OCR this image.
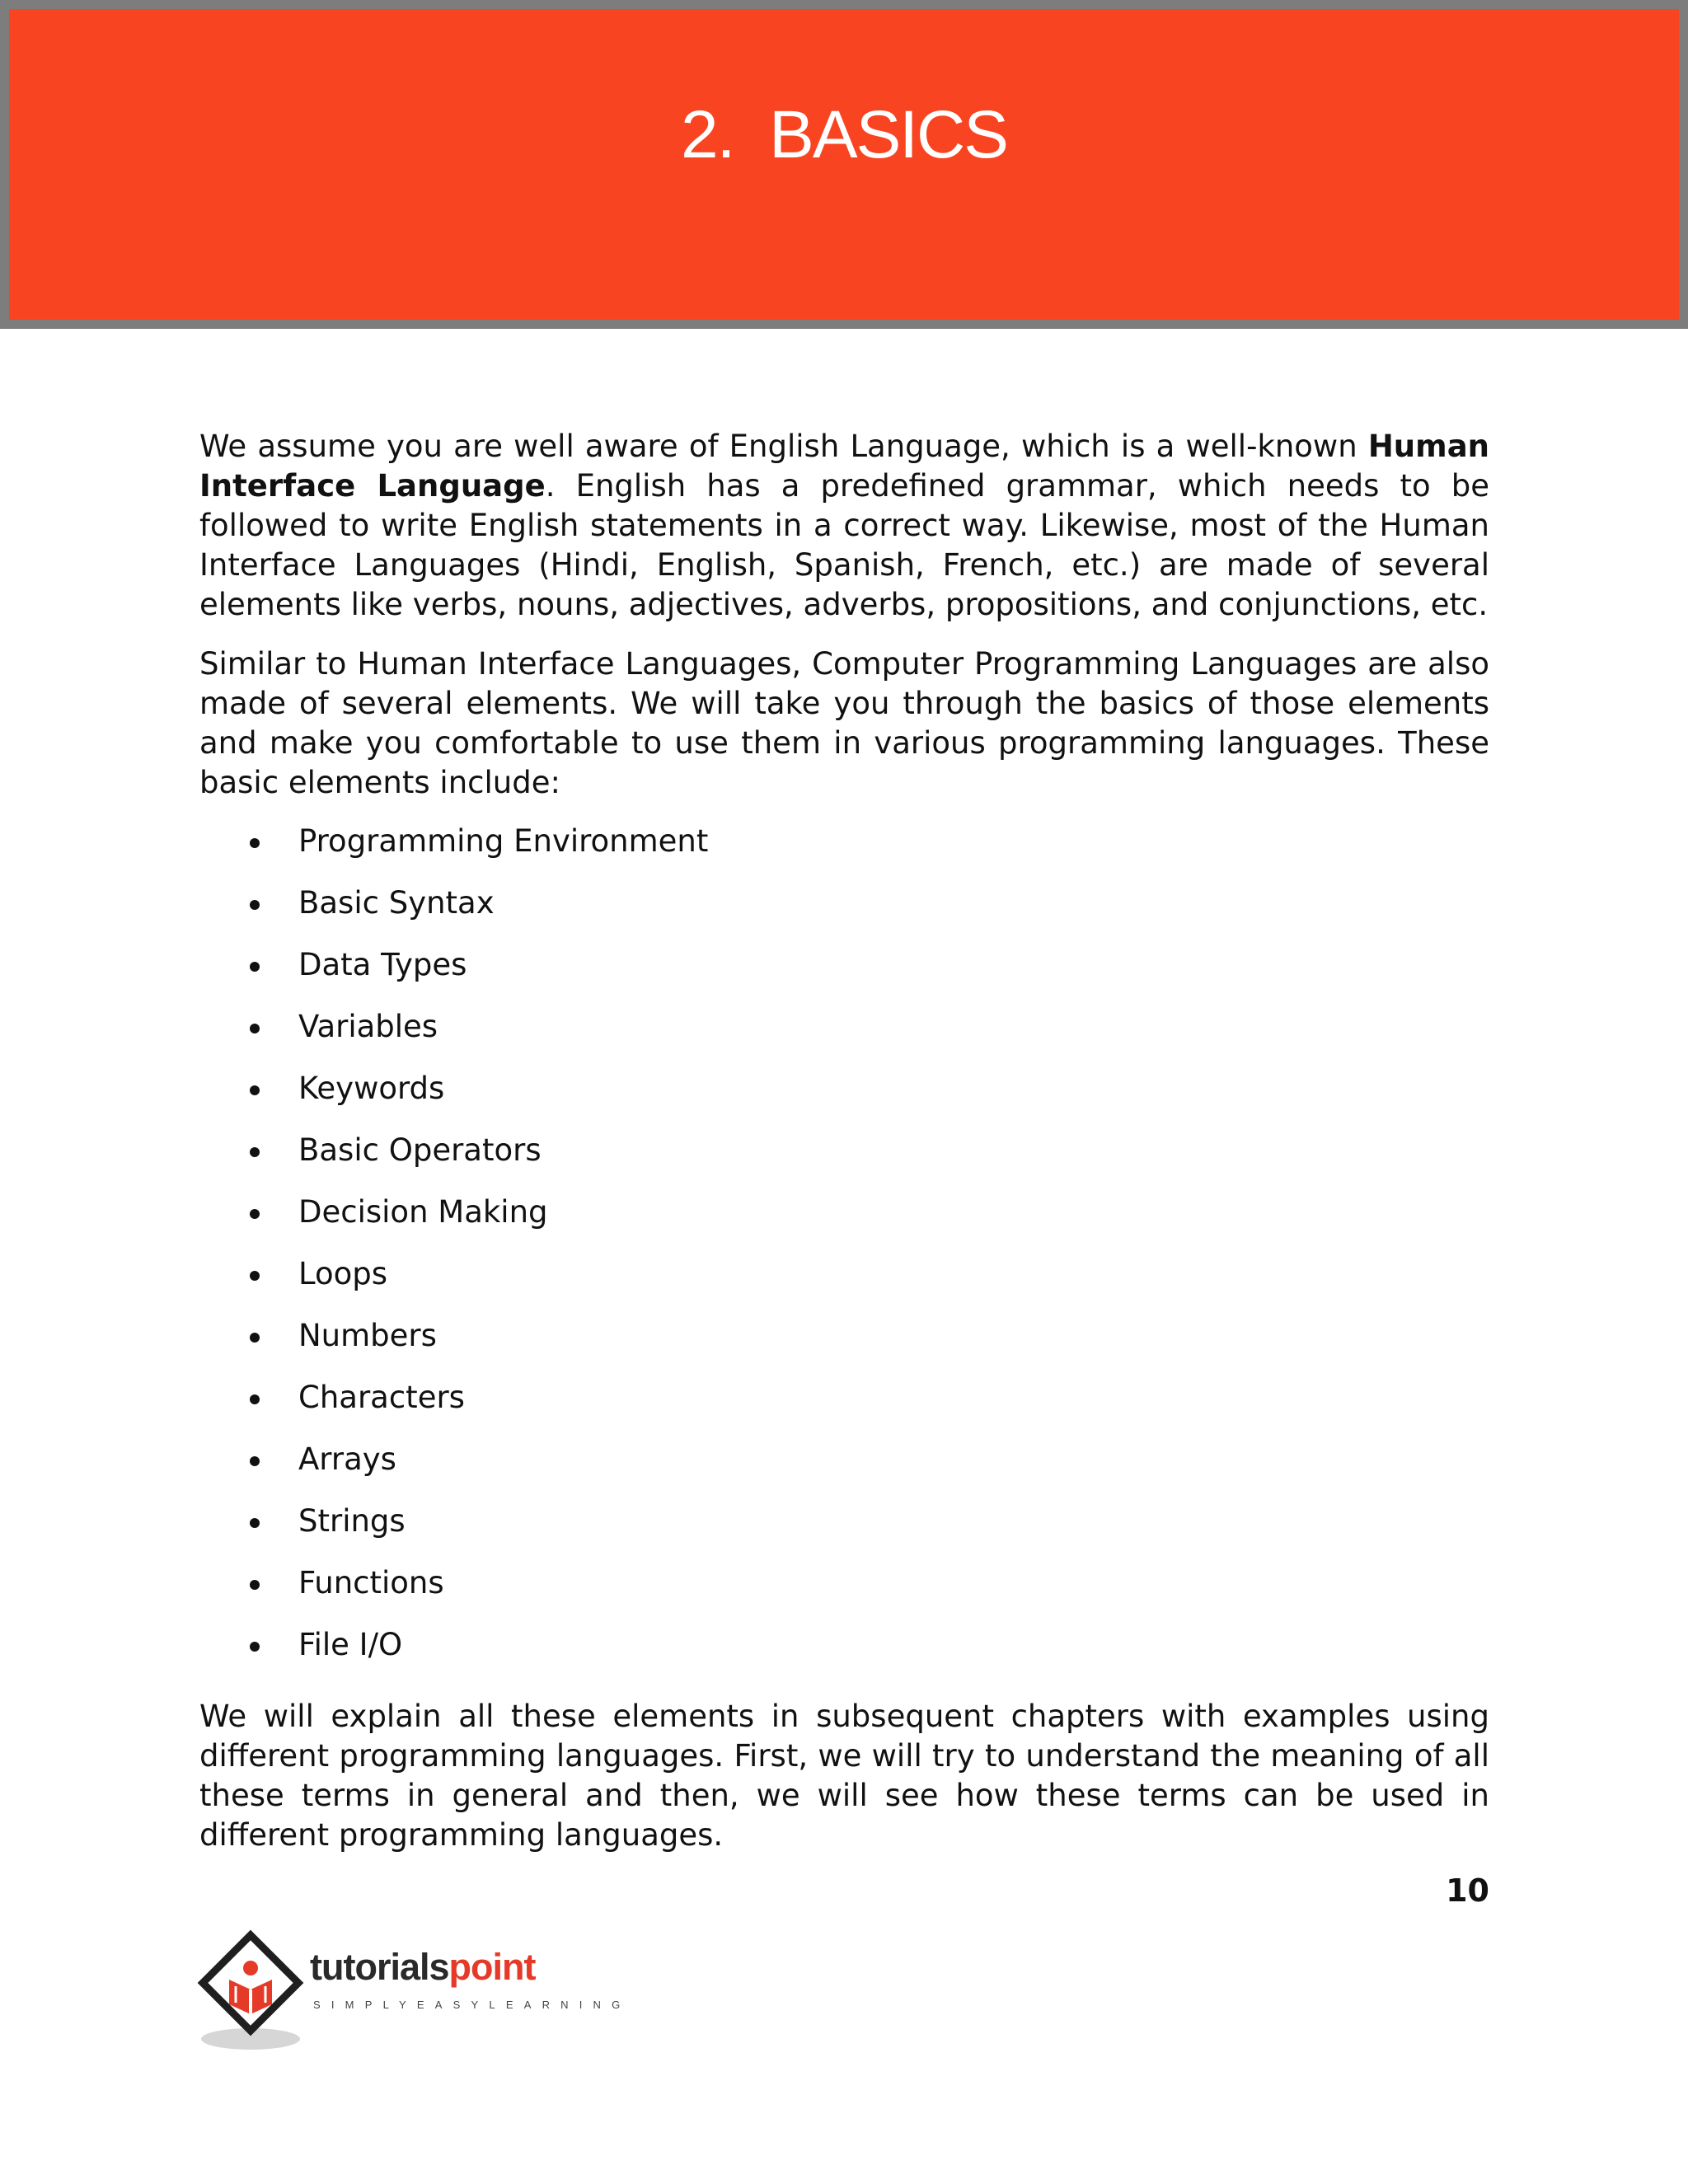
2. BASICS

We assume you are well aware of English Language, which is a well-known Human Interface Language. English has a predefined grammar, which needs to be followed to write English statements in a correct way. Likewise, most of the Human Interface Languages (Hindi, English, Spanish, French, etc.) are made of several elements like verbs, nouns, adjectives, adverbs, propositions, and conjunctions, etc.

Similar to Human Interface Languages, Computer Programming Languages are also made of several elements. We will take you through the basics of those elements and make you comfortable to use them in various programming languages. These basic elements include:

Programming Environment
Basic Syntax
Data Types
Variables
Keywords
Basic Operators
Decision Making
Loops
Numbers
Characters
Arrays
Strings
Functions
File I/O

We will explain all these elements in subsequent chapters with examples using different programming languages. First, we will try to understand the meaning of all these terms in general and then, we will see how these terms can be used in different programming languages.

10
tutorialspoint
SIMPLYEASYLEARNING
